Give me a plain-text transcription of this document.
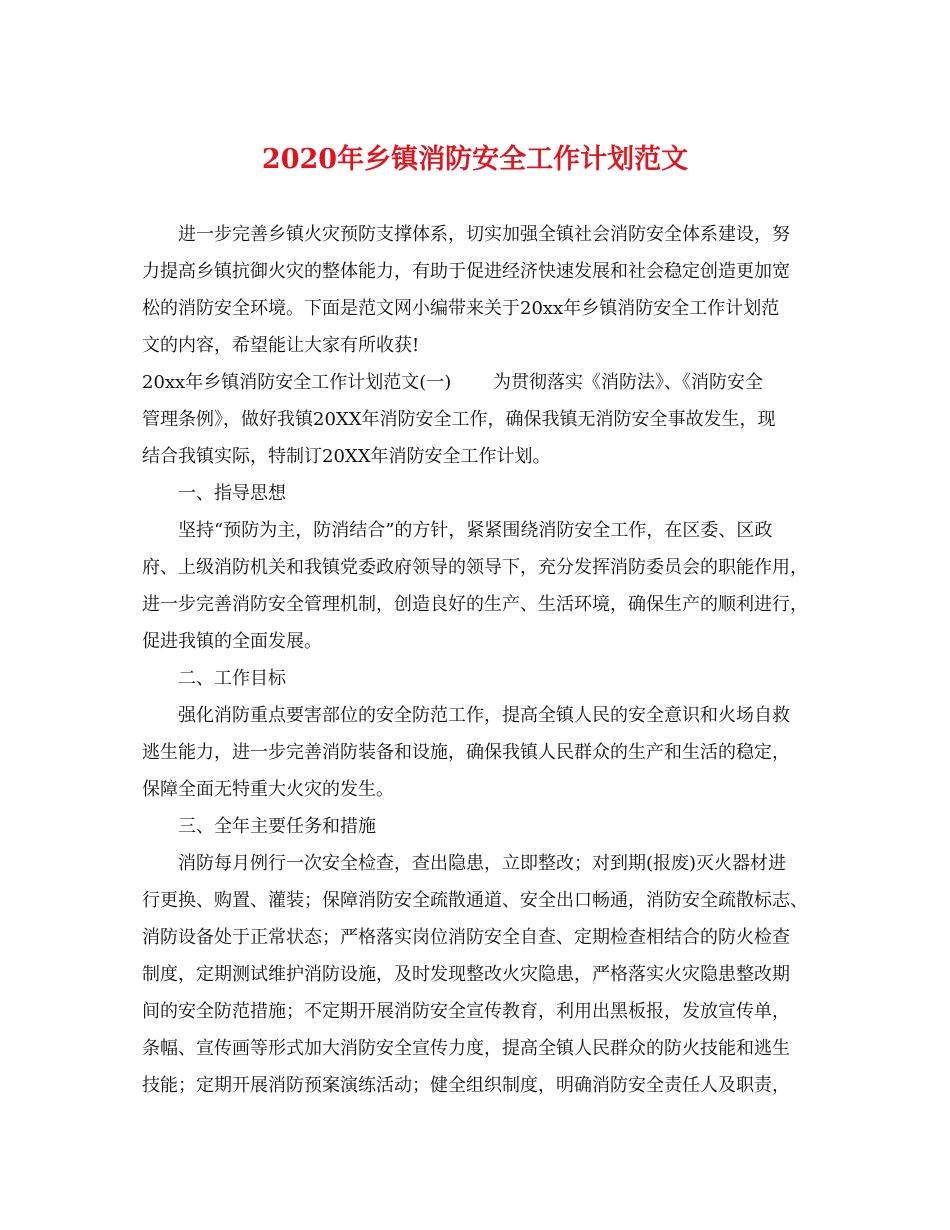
2020年乡镇消防安全工作计划范文
进一步完善乡镇火灾预防支撑体系，切实加强全镇社会消防安全体系建设，努
力提高乡镇抗御火灾的整体能力，有助于促进经济快速发展和社会稳定创造更加宽
松的消防安全环境。下面是范文网小编带来关于20xx年乡镇消防安全工作计划范
文的内容，希望能让大家有所收获!
20xx年乡镇消防安全工作计划范文(一)　　 为贯彻落实《消防法》、《消防安全
管理条例》，做好我镇20XX年消防安全工作，确保我镇无消防安全事故发生，现
结合我镇实际，特制订20XX年消防安全工作计划。
一、指导思想
坚持“预防为主，防消结合”的方针，紧紧围绕消防安全工作，在区委、区政
府、上级消防机关和我镇党委政府领导的领导下，充分发挥消防委员会的职能作用，
进一步完善消防安全管理机制，创造良好的生产、生活环境，确保生产的顺利进行，
促进我镇的全面发展。
二、工作目标
强化消防重点要害部位的安全防范工作，提高全镇人民的安全意识和火场自救
逃生能力，进一步完善消防装备和设施，确保我镇人民群众的生产和生活的稳定，
保障全面无特重大火灾的发生。
三、全年主要任务和措施
消防每月例行一次安全检查，查出隐患，立即整改；对到期(报废)灭火器材进
行更换、购置、灌装；保障消防安全疏散通道、安全出口畅通，消防安全疏散标志、
消防设备处于正常状态；严格落实岗位消防安全自查、定期检查相结合的防火检查
制度，定期测试维护消防设施，及时发现整改火灾隐患，严格落实火灾隐患整改期
间的安全防范措施；不定期开展消防安全宣传教育，利用出黑板报，发放宣传单，
条幅、宣传画等形式加大消防安全宣传力度，提高全镇人民群众的防火技能和逃生
技能；定期开展消防预案演练活动；健全组织制度，明确消防安全责任人及职责，
